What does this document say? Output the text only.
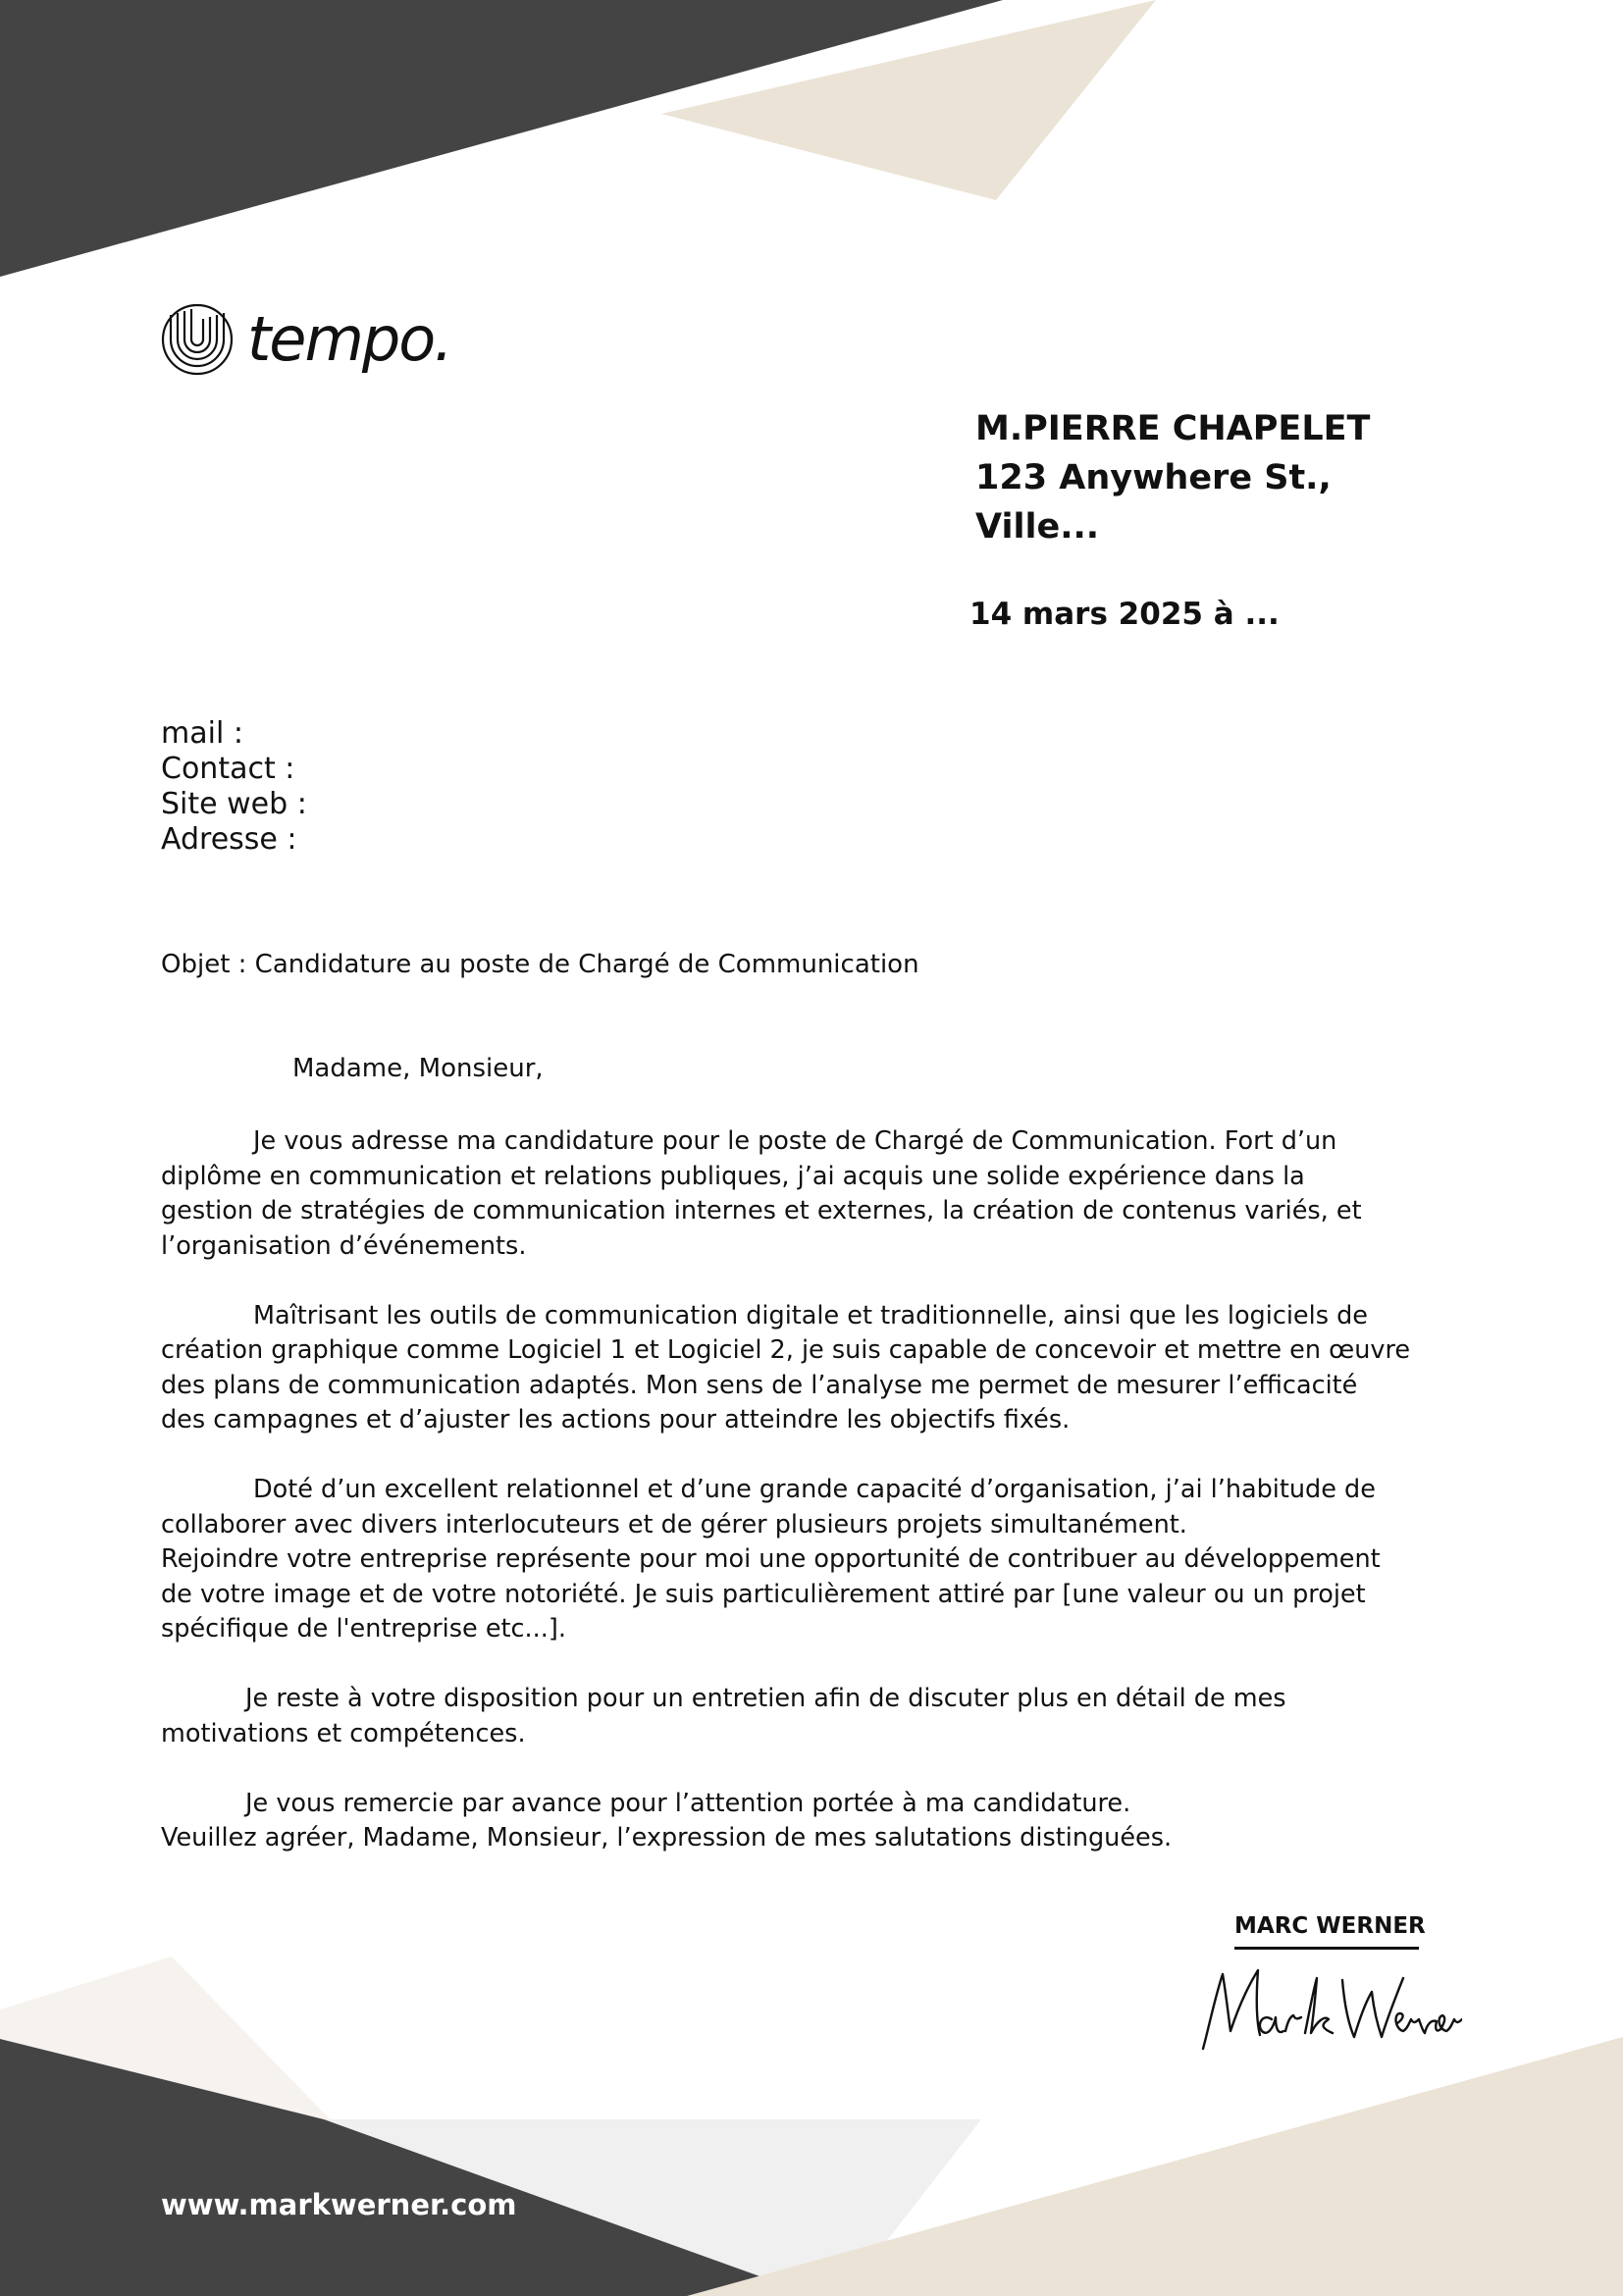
tempo.
M.PIERRE CHAPELET
123 Anywhere St.,
Ville...
14 mars 2025 à ...
mail :
Contact :
Site web :
Adresse :
Objet : Candidature au poste de Chargé de Communication
Madame, Monsieur,
Je vous adresse ma candidature pour le poste de Chargé de Communication. Fort d’un
diplôme en communication et relations publiques, j’ai acquis une solide expérience dans la
gestion de stratégies de communication internes et externes, la création de contenus variés, et
l’organisation d’événements.
Maîtrisant les outils de communication digitale et traditionnelle, ainsi que les logiciels de
création graphique comme Logiciel 1 et Logiciel 2, je suis capable de concevoir et mettre en œuvre
des plans de communication adaptés. Mon sens de l’analyse me permet de mesurer l’efficacité
des campagnes et d’ajuster les actions pour atteindre les objectifs fixés.
Doté d’un excellent relationnel et d’une grande capacité d’organisation, j’ai l’habitude de
collaborer avec divers interlocuteurs et de gérer plusieurs projets simultanément.
Rejoindre votre entreprise représente pour moi une opportunité de contribuer au développement
de votre image et de votre notoriété. Je suis particulièrement attiré par [une valeur ou un projet
spécifique de l'entreprise etc...].
Je reste à votre disposition pour un entretien afin de discuter plus en détail de mes
motivations et compétences.
Je vous remercie par avance pour l’attention portée à ma candidature.
Veuillez agréer, Madame, Monsieur, l’expression de mes salutations distinguées.
MARC WERNER
www.markwerner.com
